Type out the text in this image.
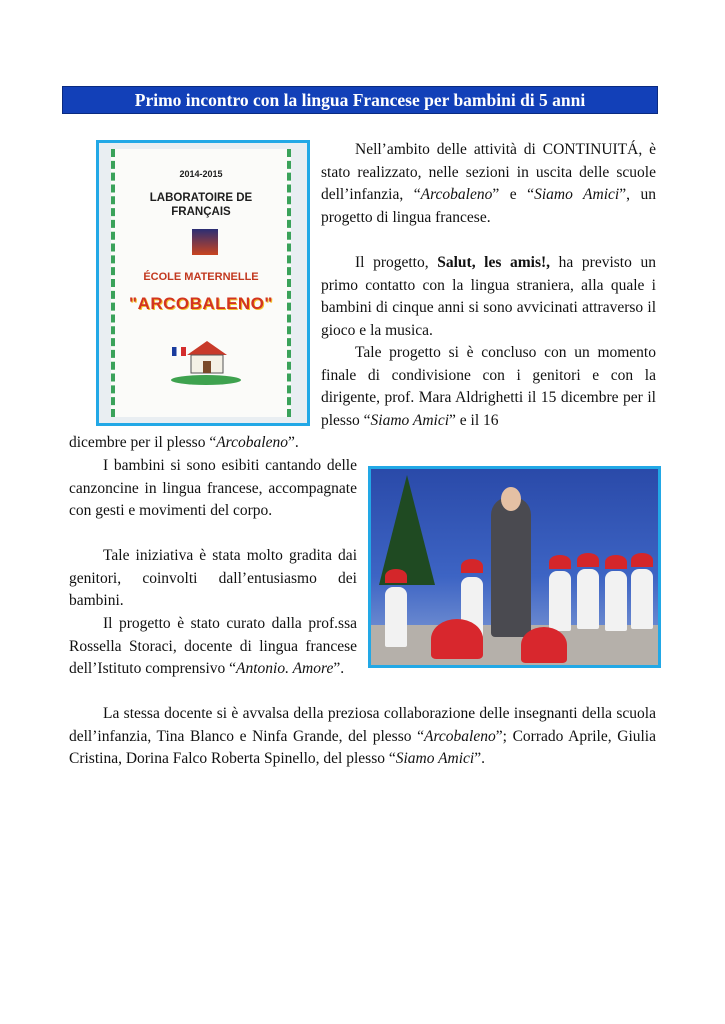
Primo incontro con la lingua Francese per bambini di 5 anni
2014-2015
LABORATOIRE DE
FRANÇAIS
ÉCOLE MATERNELLE
"ARCOBALENO"

Nell’ambito delle attività di CONTINUITÁ, è stato realizzato, nelle sezioni in uscita delle scuole dell’infanzia, “Arcobaleno” e “Siamo Amici”, un progetto di lingua francese.

Il progetto, Salut, les amis!, ha previsto un primo contatto con la lingua straniera, alla quale i bambini di cinque anni si sono avvicinati attraverso il gioco e la musica.

Tale progetto si è concluso con un momento finale di condivisione con i genitori e con la dirigente, prof. Mara Aldrighetti il 15 dicembre per il plesso “Siamo Amici” e il 16

dicembre per il plesso “Arcobaleno”.

I bambini si sono esibiti cantando delle canzoncine in lingua francese, accompagnate con gesti e movimenti del corpo.

Tale iniziativa è stata molto gradita dai genitori, coinvolti dall’entusiasmo dei bambini.

Il progetto è stato curato dalla prof.ssa Rossella Storaci, docente di lingua francese dell’Istituto comprensivo “Antonio. Amore”.

La stessa docente si è avvalsa della preziosa collaborazione delle insegnanti della scuola dell’infanzia, Tina Blanco e Ninfa Grande, del plesso “Arcobaleno”; Corrado Aprile, Giulia Cristina, Dorina Falco Roberta Spinello, del plesso “Siamo Amici”.
